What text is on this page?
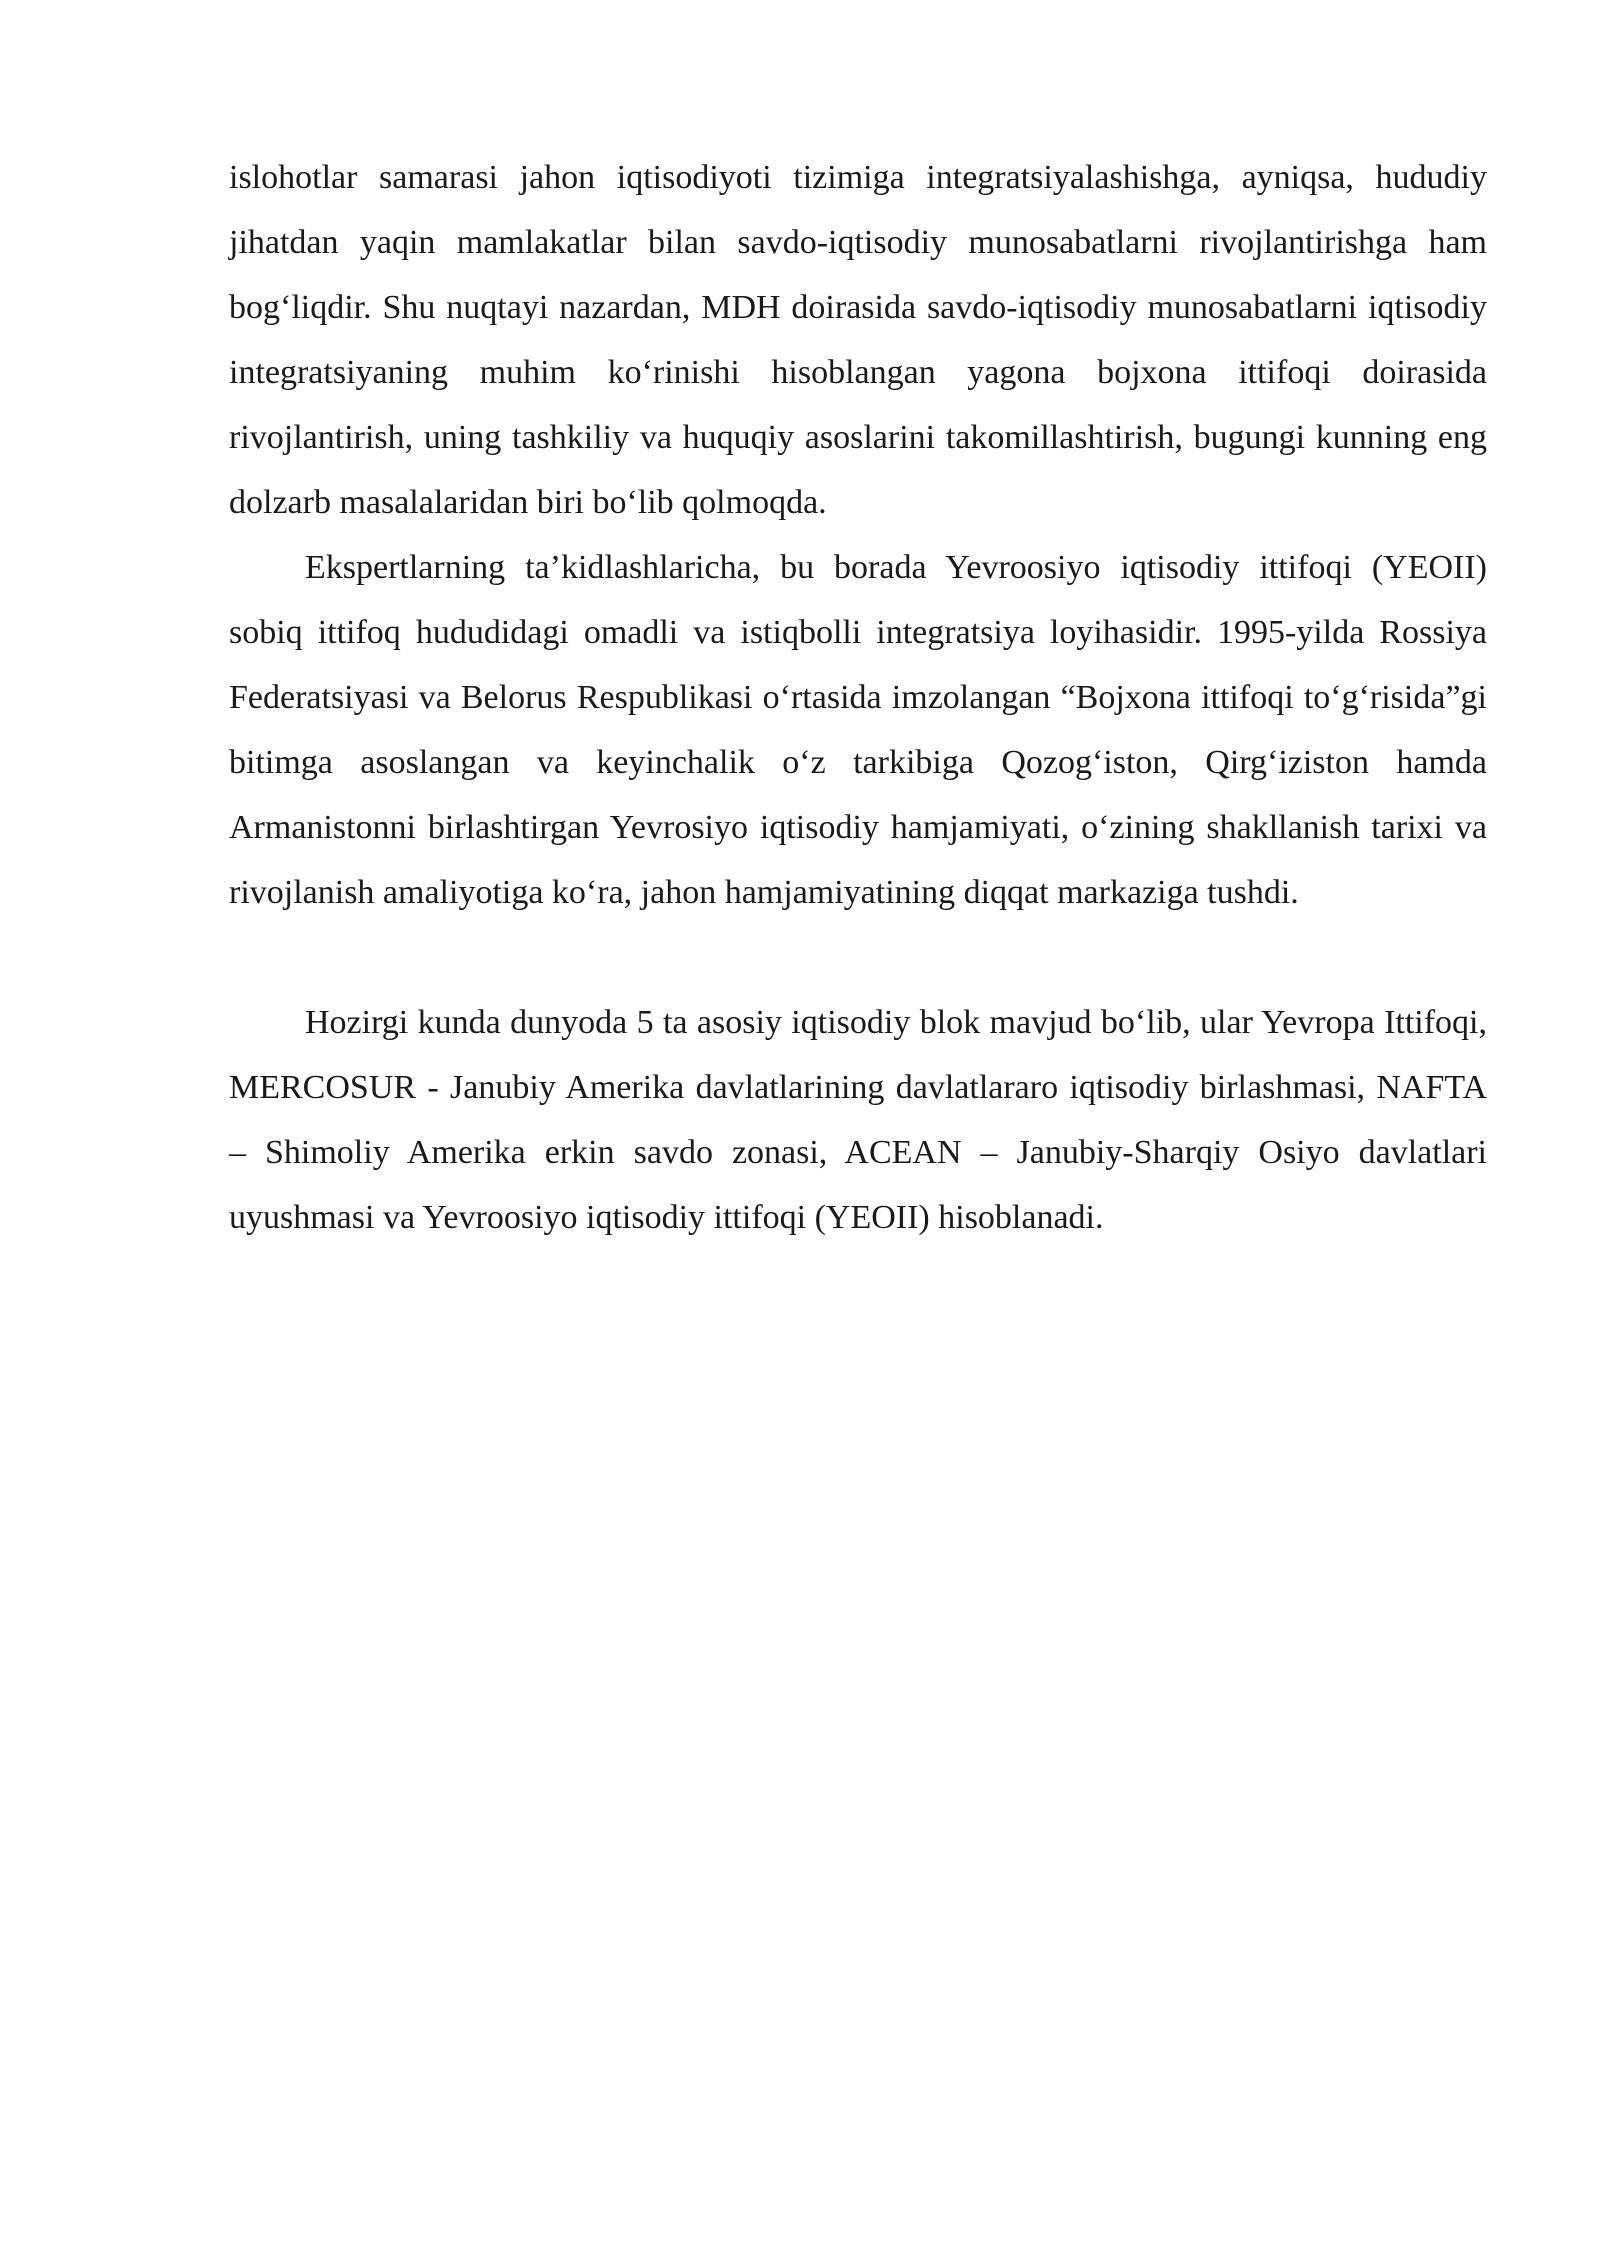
islohotlar samarasi jahon iqtisodiyoti tizimiga integratsiyalashishga, ayniqsa, hududiy jihatdan yaqin mamlakatlar bilan savdo-iqtisodiy munosabatlarni rivojlantirishga ham bog‘liqdir. Shu nuqtayi nazardan, MDH doirasida savdo-iqtisodiy munosabatlarni iqtisodiy integratsiyaning muhim ko‘rinishi hisoblangan yagona bojxona ittifoqi doirasida rivojlantirish, uning tashkiliy va huquqiy asoslarini takomillashtirish, bugungi kunning eng dolzarb masalalaridan biri bo‘lib qolmoqda.

Ekspertlarning ta’kidlashlaricha, bu borada Yevroosiyo iqtisodiy ittifoqi (YEOII) sobiq ittifoq hududidagi omadli va istiqbolli integratsiya loyihasidir. 1995-yilda Rossiya Federatsiyasi va Belorus Respublikasi o‘rtasida imzolangan “Bojxona ittifoqi to‘g‘risida”gi bitimga asoslangan va keyinchalik o‘z tarkibiga Qozog‘iston, Qirg‘iziston hamda Armanistonni birlashtirgan Yevrosiyo iqtisodiy hamjamiyati, o‘zining shakllanish tarixi va rivojlanish amaliyotiga ko‘ra, jahon hamjamiyatining diqqat markaziga tushdi.

Hozirgi kunda dunyoda 5 ta asosiy iqtisodiy blok mavjud bo‘lib, ular Yevropa Ittifoqi, MERCOSUR - Janubiy Amerika davlatlarining davlatlararo iqtisodiy birlashmasi, NAFTA – Shimoliy Amerika erkin savdo zonasi, ACEAN – Janubiy-Sharqiy Osiyo davlatlari uyushmasi va Yevroosiyo iqtisodiy ittifoqi (YEOII) hisoblanadi.
